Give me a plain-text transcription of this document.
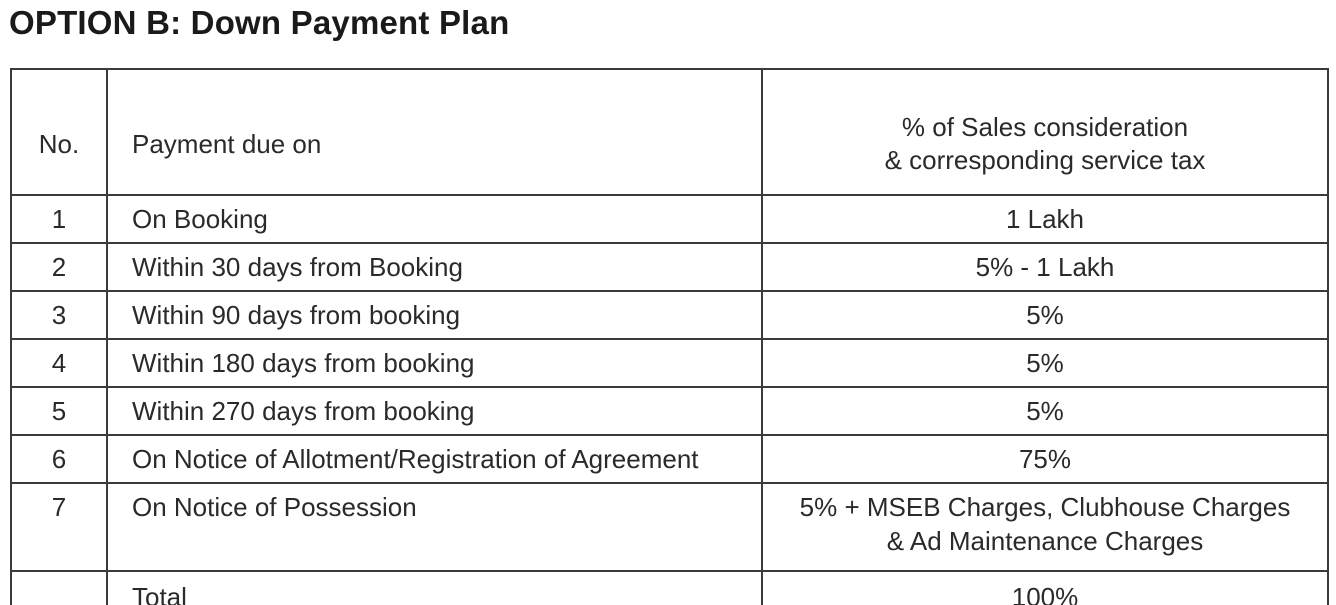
OPTION B: Down Payment Plan
No.	Payment due on	% of Sales consideration
& corresponding service tax

1	On Booking	1 Lakh
2	Within 30 days from Booking	5% - 1 Lakh
3	Within 90 days from booking	5%
4	Within 180 days from booking	5%
5	Within 270 days from booking	5%
6	On Notice of Allotment/Registration of Agreement	75%
7	On Notice of Possession	5% + MSEB Charges, Clubhouse Charges
& Ad Maintenance Charges

	Total	100%
